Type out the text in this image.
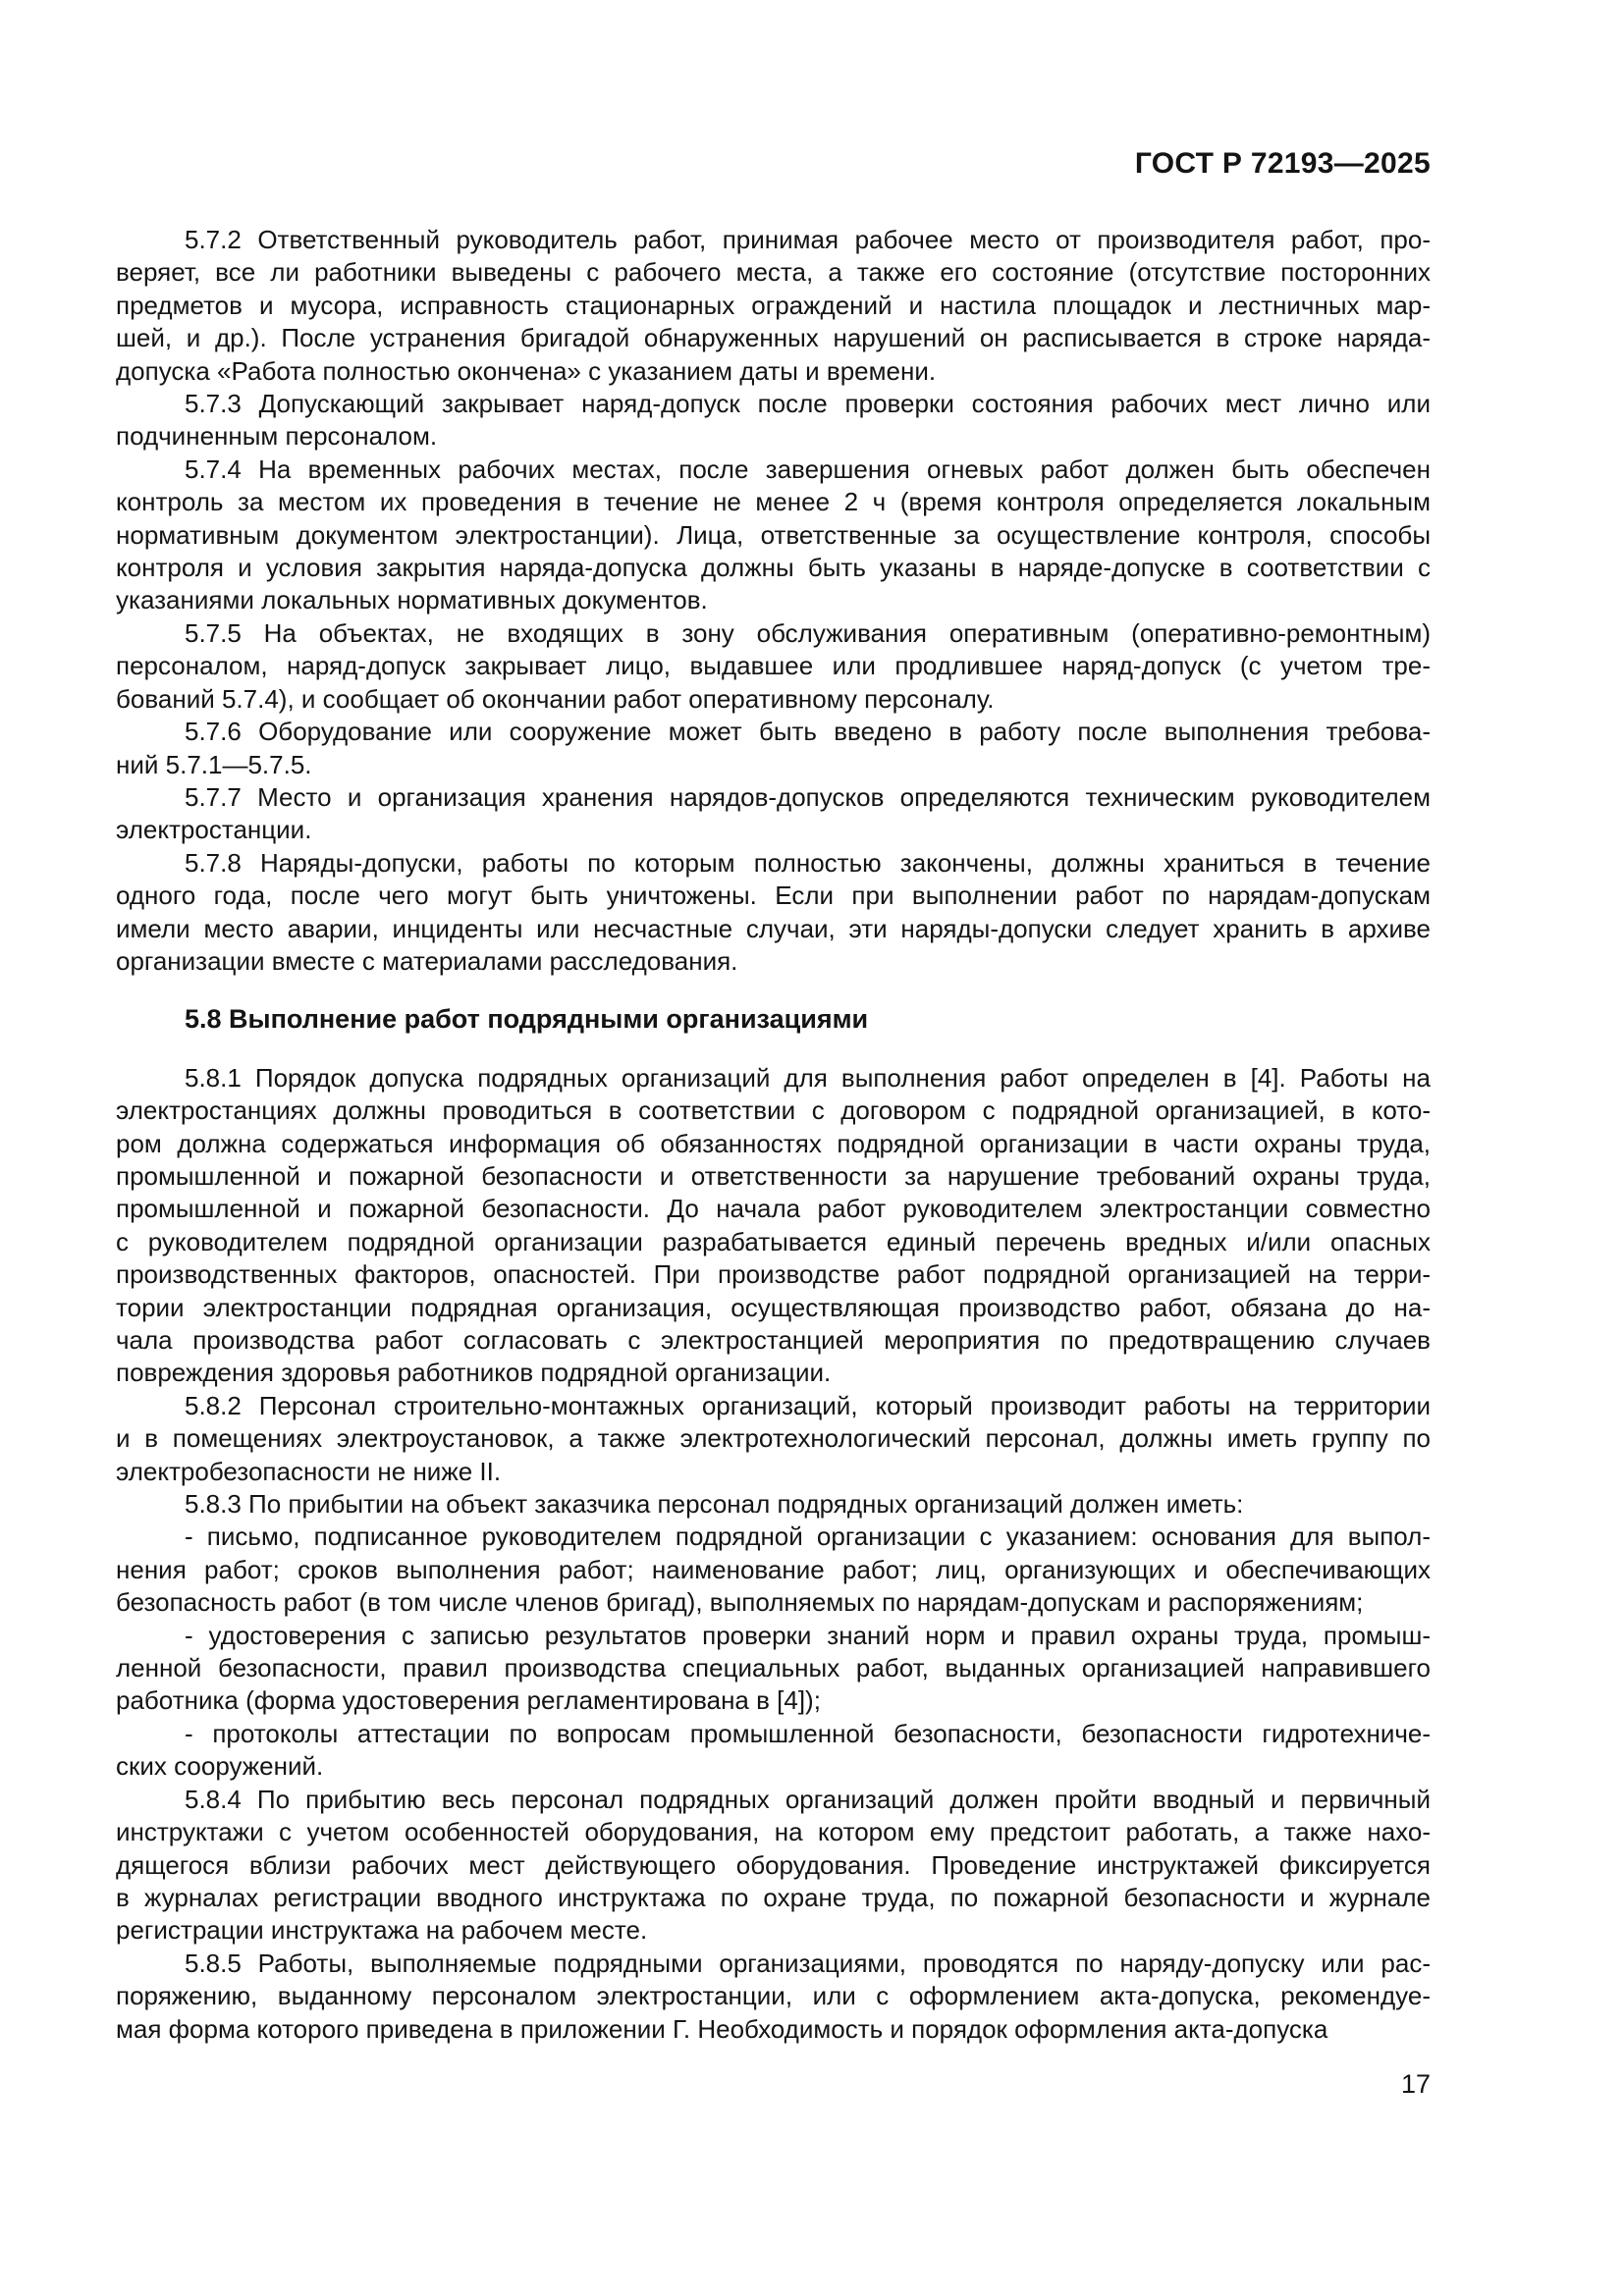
ГОСТ Р 72193—2025
5.7.2 Ответственный руководитель работ, принимая рабочее место от производителя работ, про-
веряет, все ли работники выведены с рабочего места, а также его состояние (отсутствие посторонних
предметов и мусора, исправность стационарных ограждений и настила площадок и лестничных мар-
шей, и др.). После устранения бригадой обнаруженных нарушений он расписывается в строке наряда-
допуска «Работа полностью окончена» с указанием даты и времени.
5.7.3 Допускающий закрывает наряд-допуск после проверки состояния рабочих мест лично или
подчиненным персоналом.
5.7.4 На временных рабочих местах, после завершения огневых работ должен быть обеспечен
контроль за местом их проведения в течение не менее 2 ч (время контроля определяется локальным
нормативным документом электростанции). Лица, ответственные за осуществление контроля, способы
контроля и условия закрытия наряда-допуска должны быть указаны в наряде-допуске в соответствии с
указаниями локальных нормативных документов.
5.7.5 На объектах, не входящих в зону обслуживания оперативным (оперативно-ремонтным)
персоналом, наряд-допуск закрывает лицо, выдавшее или продлившее наряд-допуск (с учетом тре-
бований 5.7.4), и сообщает об окончании работ оперативному персоналу.
5.7.6 Оборудование или сооружение может быть введено в работу после выполнения требова-
ний 5.7.1—5.7.5.
5.7.7 Место и организация хранения нарядов-допусков определяются техническим руководителем
электростанции.
5.7.8 Наряды-допуски, работы по которым полностью закончены, должны храниться в течение
одного года, после чего могут быть уничтожены. Если при выполнении работ по нарядам-допускам
имели место аварии, инциденты или несчастные случаи, эти наряды-допуски следует хранить в архиве
организации вместе с материалами расследования.
5.8 Выполнение работ подрядными организациями
5.8.1 Порядок допуска подрядных организаций для выполнения работ определен в [4]. Работы на
электростанциях должны проводиться в соответствии с договором с подрядной организацией, в кото-
ром должна содержаться информация об обязанностях подрядной организации в части охраны труда,
промышленной и пожарной безопасности и ответственности за нарушение требований охраны труда,
промышленной и пожарной безопасности. До начала работ руководителем электростанции совместно
с руководителем подрядной организации разрабатывается единый перечень вредных и/или опасных
производственных факторов, опасностей. При производстве работ подрядной организацией на терри-
тории электростанции подрядная организация, осуществляющая производство работ, обязана до на-
чала производства работ согласовать с электростанцией мероприятия по предотвращению случаев
повреждения здоровья работников подрядной организации.
5.8.2 Персонал строительно-монтажных организаций, который производит работы на территории
и в помещениях электроустановок, а также электротехнологический персонал, должны иметь группу по
электробезопасности не ниже II.
5.8.3 По прибытии на объект заказчика персонал подрядных организаций должен иметь:
- письмо, подписанное руководителем подрядной организации с указанием: основания для выпол-
нения работ; сроков выполнения работ; наименование работ; лиц, организующих и обеспечивающих
безопасность работ (в том числе членов бригад), выполняемых по нарядам-допускам и распоряжениям;
- удостоверения с записью результатов проверки знаний норм и правил охраны труда, промыш-
ленной безопасности, правил производства специальных работ, выданных организацией направившего
работника (форма удостоверения регламентирована в [4]);
- протоколы аттестации по вопросам промышленной безопасности, безопасности гидротехниче-
ских сооружений.
5.8.4 По прибытию весь персонал подрядных организаций должен пройти вводный и первичный
инструктажи с учетом особенностей оборудования, на котором ему предстоит работать, а также нахо-
дящегося вблизи рабочих мест действующего оборудования. Проведение инструктажей фиксируется
в журналах регистрации вводного инструктажа по охране труда, по пожарной безопасности и журнале
регистрации инструктажа на рабочем месте.
5.8.5 Работы, выполняемые подрядными организациями, проводятся по наряду-допуску или рас-
поряжению, выданному персоналом электростанции, или с оформлением акта-допуска, рекомендуе-
мая форма которого приведена в приложении Г. Необходимость и порядок оформления акта-допуска
17
